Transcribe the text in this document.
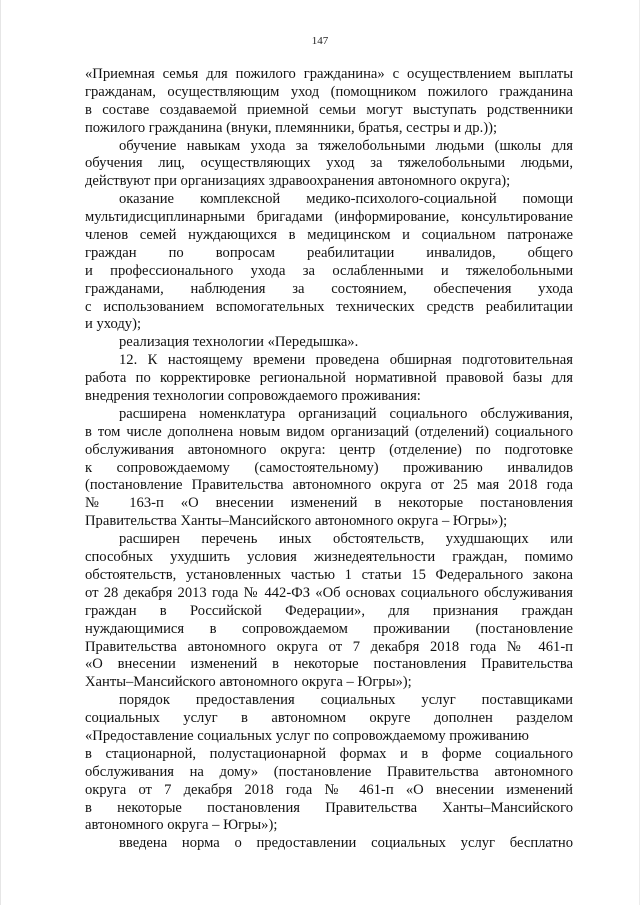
147
«Приемная семья для пожилого гражданина» с осуществлением выплаты
гражданам, осуществляющим уход (помощником пожилого гражданина
в составе создаваемой приемной семьи могут выступать родственники
пожилого гражданина (внуки, племянники, братья, сестры и др.));
обучение навыкам ухода за тяжелобольными людьми (школы для
обучения лиц, осуществляющих уход за тяжелобольными людьми,
действуют при организациях здравоохранения автономного округа);
оказание комплексной медико-психолого-социальной помощи
мультидисциплинарными бригадами (информирование, консультирование
членов семей нуждающихся в медицинском и социальном патронаже
граждан по вопросам реабилитации инвалидов, общего
и профессионального ухода за ослабленными и тяжелобольными
гражданами, наблюдения за состоянием, обеспечения ухода
с использованием вспомогательных технических средств реабилитации
и уходу);
реализация технологии «Передышка».
12. К настоящему времени проведена обширная подготовительная
работа по корректировке региональной нормативной правовой базы для
внедрения технологии сопровождаемого проживания:
расширена номенклатура организаций социального обслуживания,
в том числе дополнена новым видом организаций (отделений) социального
обслуживания автономного округа: центр (отделение) по подготовке
к сопровождаемому (самостоятельному) проживанию инвалидов
(постановление Правительства автономного округа от 25 мая 2018 года
№ 163-п «О внесении изменений в некоторые постановления
Правительства Ханты–Мансийского автономного округа – Югры»);
расширен перечень иных обстоятельств, ухудшающих или
способных ухудшить условия жизнедеятельности граждан, помимо
обстоятельств, установленных частью 1 статьи 15 Федерального закона
от 28 декабря 2013 года № 442-ФЗ «Об основах социального обслуживания
граждан в Российской Федерации», для признания граждан
нуждающимися в сопровождаемом проживании (постановление
Правительства автономного округа от 7 декабря 2018 года № 461-п
«О внесении изменений в некоторые постановления Правительства
Ханты–Мансийского автономного округа – Югры»);
порядок предоставления социальных услуг поставщиками
социальных услуг в автономном округе дополнен разделом
«Предоставление социальных услуг по сопровождаемому проживанию
в стационарной, полустационарной формах и в форме социального
обслуживания на дому» (постановление Правительства автономного
округа от 7 декабря 2018 года № 461-п «О внесении изменений
в некоторые постановления Правительства Ханты–Мансийского
автономного округа – Югры»);
введена норма о предоставлении социальных услуг бесплатно
